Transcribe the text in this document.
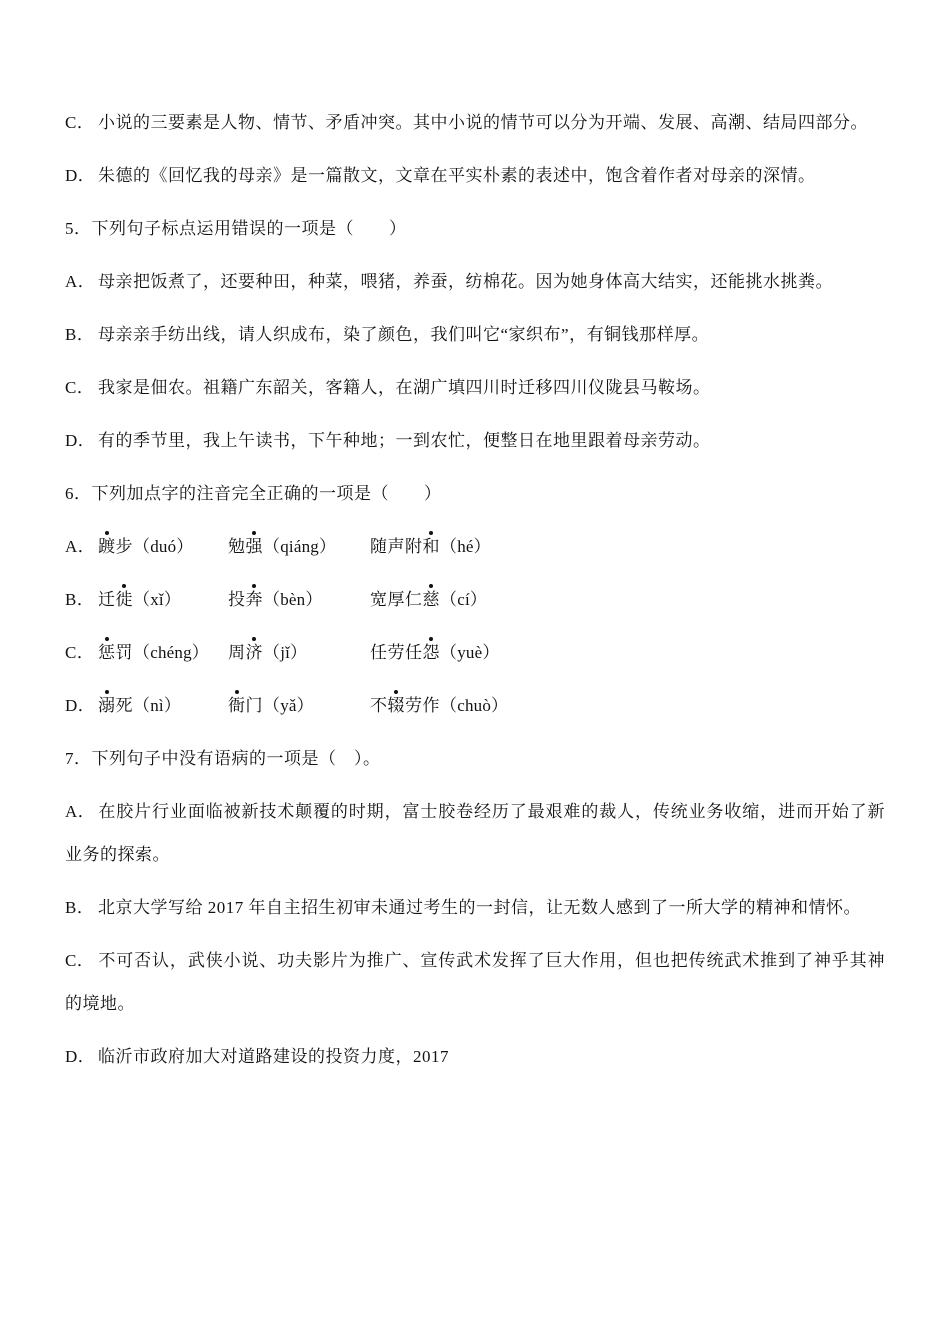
C． 小说的三要素是人物、情节、矛盾冲突。其中小说的情节可以分为开端、发展、高潮、结局四部分。

D． 朱德的《回忆我的母亲》是一篇散文，文章在平实朴素的表述中，饱含着作者对母亲的深情。

5．下列句子标点运用错误的一项是（　　）

A． 母亲把饭煮了，还要种田，种菜，喂猪，养蚕，纺棉花。因为她身体高大结实，还能挑水挑粪。

B． 母亲亲手纺出线，请人织成布，染了颜色，我们叫它“家织布”，有铜钱那样厚。

C． 我家是佃农。祖籍广东韶关，客籍人，在湖广填四川时迁移四川仪陇县马鞍场。

D． 有的季节里，我上午读书，下午种地；一到农忙，便整日在地里跟着母亲劳动。

6．下列加点字的注音完全正确的一项是（　　）

A． 踱步（duó） 勉强（qiáng） 随声附和（hé）

B． 迁徙（xǐ）	投奔（bèn）	宽厚仁慈（cí）

C． 惩罚（chéng） 周济（jǐ）	任劳任怨（yuè）

D． 溺死（nì）	衙门（yǎ）	不辍劳作（chuò）

7．下列句子中没有语病的一项是（　）。

A． 在胶片行业面临被新技术颠覆的时期，富士胶卷经历了最艰难的裁人，传统业务收缩，进而开始了新业务的探索。

B． 北京大学写给 2017 年自主招生初审未通过考生的一封信，让无数人感到了一所大学的精神和情怀。

C． 不可否认，武侠小说、功夫影片为推广、宣传武术发挥了巨大作用，但也把传统武术推到了神乎其神的境地。

D． 临沂市政府加大对道路建设的投资力度，2017
